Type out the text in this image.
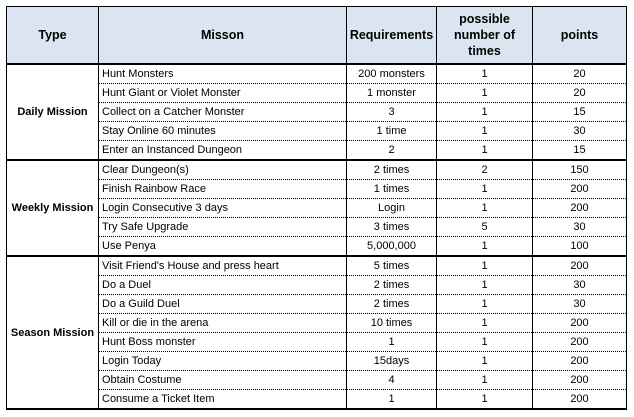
Type	Misson	Requirements	possible number of times	points
Daily Mission	Hunt Monsters	200 monsters	1	20
	Hunt Giant or Violet Monster	1 monster	1	20
	Collect on a Catcher Monster	3	1	15
	Stay Online 60 minutes	1 time	1	30
	Enter an Instanced Dungeon	2	1	15
Weekly Mission	Clear Dungeon(s)	2 times	2	150
	Finish Rainbow Race	1 times	1	200
	Login Consecutive 3 days	Login	1	200
	Try Safe Upgrade	3 times	5	30
	Use Penya	5,000,000	1	100
Season Mission	Visit Friend's House and press heart	5 times	1	200
	Do a Duel	2 times	1	30
	Do a Guild Duel	2 times	1	30
	Kill or die in the arena	10 times	1	200
	Hunt Boss monster	1	1	200
	Login Today	15days	1	200
	Obtain Costume	4	1	200
	Consume a Ticket Item	1	1	200
